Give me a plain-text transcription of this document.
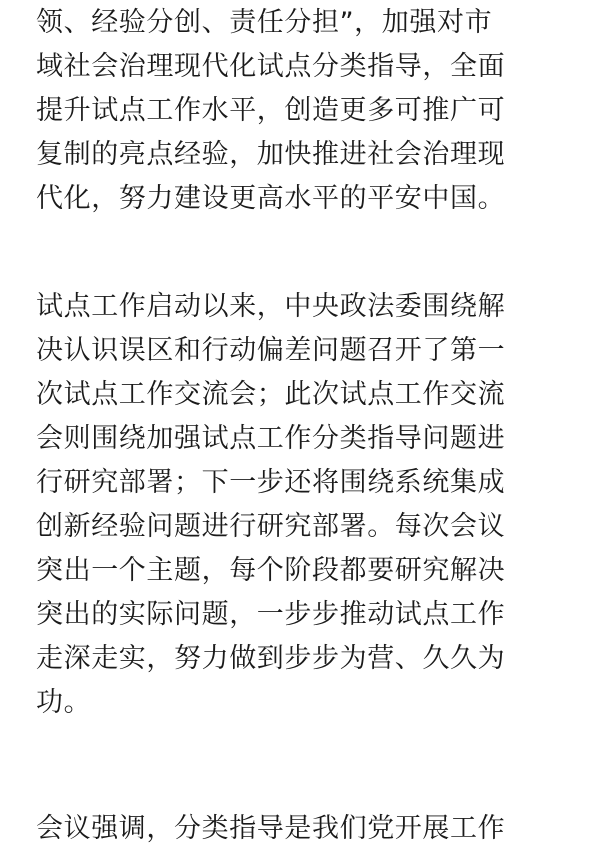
领、经验分创、责任分担”，加强对市
域社会治理现代化试点分类指导，全面
提升试点工作水平，创造更多可推广可
复制的亮点经验，加快推进社会治理现
代化，努力建设更高水平的平安中国。
试点工作启动以来，中央政法委围绕解
决认识误区和行动偏差问题召开了第一
次试点工作交流会；此次试点工作交流
会则围绕加强试点工作分类指导问题进
行研究部署；下一步还将围绕系统集成
创新经验问题进行研究部署。每次会议
突出一个主题，每个阶段都要研究解决
突出的实际问题，一步步推动试点工作
走深走实，努力做到步步为营、久久为
功。
会议强调，分类指导是我们党开展工作
